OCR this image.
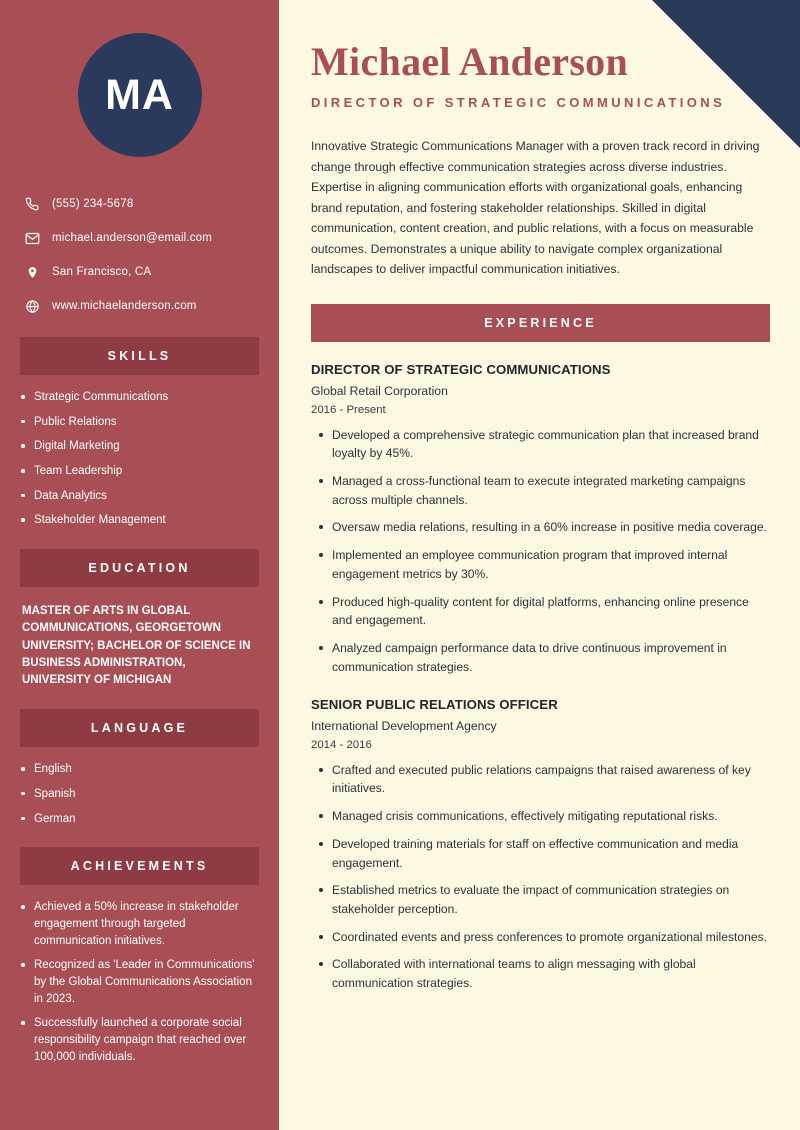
MA
(555) 234-5678
michael.anderson@email.com
San Francisco, CA
www.michaelanderson.com
SKILLS
Strategic Communications
Public Relations
Digital Marketing
Team Leadership
Data Analytics
Stakeholder Management
EDUCATION
MASTER OF ARTS IN GLOBAL COMMUNICATIONS, GEORGETOWN UNIVERSITY; BACHELOR OF SCIENCE IN BUSINESS ADMINISTRATION, UNIVERSITY OF MICHIGAN
LANGUAGE
English
Spanish
German
ACHIEVEMENTS
Achieved a 50% increase in stakeholder engagement through targeted communication initiatives.
Recognized as 'Leader in Communications' by the Global Communications Association in 2023.
Successfully launched a corporate social responsibility campaign that reached over 100,000 individuals.
Michael Anderson
DIRECTOR OF STRATEGIC COMMUNICATIONS

Innovative Strategic Communications Manager with a proven track record in driving change through effective communication strategies across diverse industries. Expertise in aligning communication efforts with organizational goals, enhancing brand reputation, and fostering stakeholder relationships. Skilled in digital communication, content creation, and public relations, with a focus on measurable outcomes. Demonstrates a unique ability to navigate complex organizational landscapes to deliver impactful communication initiatives.

EXPERIENCE
DIRECTOR OF STRATEGIC COMMUNICATIONS
Global Retail Corporation
2016 - Present
Developed a comprehensive strategic communication plan that increased brand loyalty by 45%.
Managed a cross-functional team to execute integrated marketing campaigns across multiple channels.
Oversaw media relations, resulting in a 60% increase in positive media coverage.
Implemented an employee communication program that improved internal engagement metrics by 30%.
Produced high-quality content for digital platforms, enhancing online presence and engagement.
Analyzed campaign performance data to drive continuous improvement in communication strategies.
SENIOR PUBLIC RELATIONS OFFICER
International Development Agency
2014 - 2016
Crafted and executed public relations campaigns that raised awareness of key initiatives.
Managed crisis communications, effectively mitigating reputational risks.
Developed training materials for staff on effective communication and media engagement.
Established metrics to evaluate the impact of communication strategies on stakeholder perception.
Coordinated events and press conferences to promote organizational milestones.
Collaborated with international teams to align messaging with global communication strategies.
